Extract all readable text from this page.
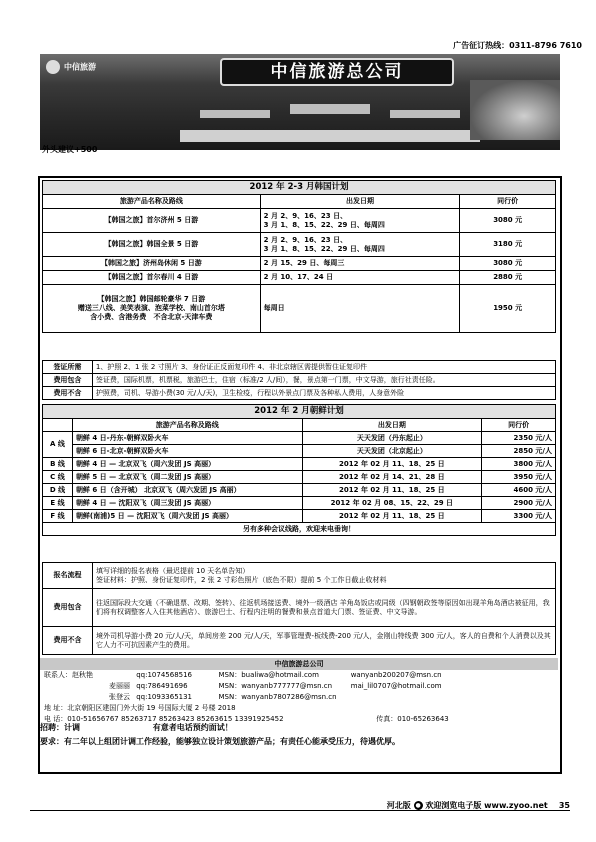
广告征订热线：0311-8796 7610
中信旅游	中信旅游总公司
外头建议+500
2012 年 2-3 月韩国计划		
旅游产品名称及路线	出发日期	同行价
【韩国之旅】首尔济州 5 日游	2 月 2、9、16、23 日、
3 月 1、8、15、22、29 日、每周四	3080 元
【韩国之旅】韩国全景 5 日游	2 月 2、9、16、23 日、
3 月 1、8、15、22、29 日、每周四	3180 元
【韩国之旅】济州岛休闲 5 日游	2 月 15、29 日、每周三	3080 元
【韩国之旅】首尔春川 4 日游	2 月 10、17、24 日	2880 元

【韩国之旅】韩国邮轮豪华 7 日游
赠送三八线、美笑表演、泡菜学校、南山首尔塔
含小费、含港务费 不含北京-天津车费	每周日	1950 元
签证所需	1、护照 2、1 张 2 寸照片 3、身份证正反面复印件 4、非北京辖区需提供暂住证复印件
费用包含	签证费，国际机票，机票税，旅游巴士，住宿（标准/2 人/间），餐，景点第一门票，中文导游，旅行社责任险。
费用不含	护照费，司机、导游小费(30 元/人/天)，卫生检疫，行程以外景点门票及各种私人费用，人身意外险
2012 年 2 月朝鲜计划			
	旅游产品名称及路线	出发日期	同行价
A 线	朝鲜 4 日-丹东-朝鲜双卧火车	天天发团（丹东起止）	2350 元/人
	朝鲜 6 日-北京-朝鲜双卧火车	天天发团（北京起止）	2850 元/人
B 线	朝鲜 4 日 — 北京双飞（周六发团 JS 高丽）	2012 年 02 月 11、18、25 日	3800 元/人
C 线	朝鲜 5 日 — 北京双飞（周二发团 JS 高丽）	2012 年 02 月 14、21、28 日	3950 元/人
D 线	朝鲜 6 日（含开城） 北京双飞（周六发团 JS 高丽）	2012 年 02 月 11、18、25 日	4600 元/人
E 线	朝鲜 4 日 — 沈阳双飞（周三发团 JS 高丽）	2012 年 02 月 08、15、22、29 日	2900 元/人
F 线	朝鲜(南浦)5 日 — 沈阳双飞（周六发团 JS 高丽）	2012 年 02 月 11、18、25 日	3300 元/人
另有多种会议线路，欢迎来电垂询！			
报名流程	填写详细的报名表格（最迟提前 10 天名单告知）
签证材料：护照、身份证复印件，2 张 2 寸彩色照片（底色不限）提前 5 个工作日截止收材料
费用包含	往返国际段大交通（不确退票、改期、签转）、往返机场接送费、境外一级酒店 羊角岛饭店或同级（四钢朝政签等原因如出现羊角岛酒店被征用，我们将有权调整客人入住其他酒店）、旅游巴士、行程内注明的餐费和景点首道大门票、签证费、中文导游。
费用不含	境外司机导游小费 20 元/人/天，单间房差 200 元/人/天，军事管理费-板线费-200 元/人，金刚山特线费 300 元/人，客人的自费和个人消费以及其它人力不可抗因素产生的费用。
中信旅游总公司
联系人：赵秋艳	qq:1074568516	MSN：bualiwa@hotmail.com	wanyanb200207@msn.cn
麦丽丽 qq:786491696	MSN：wanyanb777777@msn.cn	mai_lil0707@hotmail.com
张登云 qq:1093365131	MSN：wanyanb7807286@msn.cn
地 址：北京朝阳区建国门外大街 19 号国际大厦 2 号楼 2018
电 话：010-51656767 85263717 85263423 85263615 13391925452	传真：010-65263643
招聘：计调	有意者电话预约面试！
要求：有二年以上组团计调工作经验，能够独立设计策划旅游产品；有责任心能承受压力，待遇优厚。
河北版 ● 欢迎浏览电子版 www.zyoo.net 35
